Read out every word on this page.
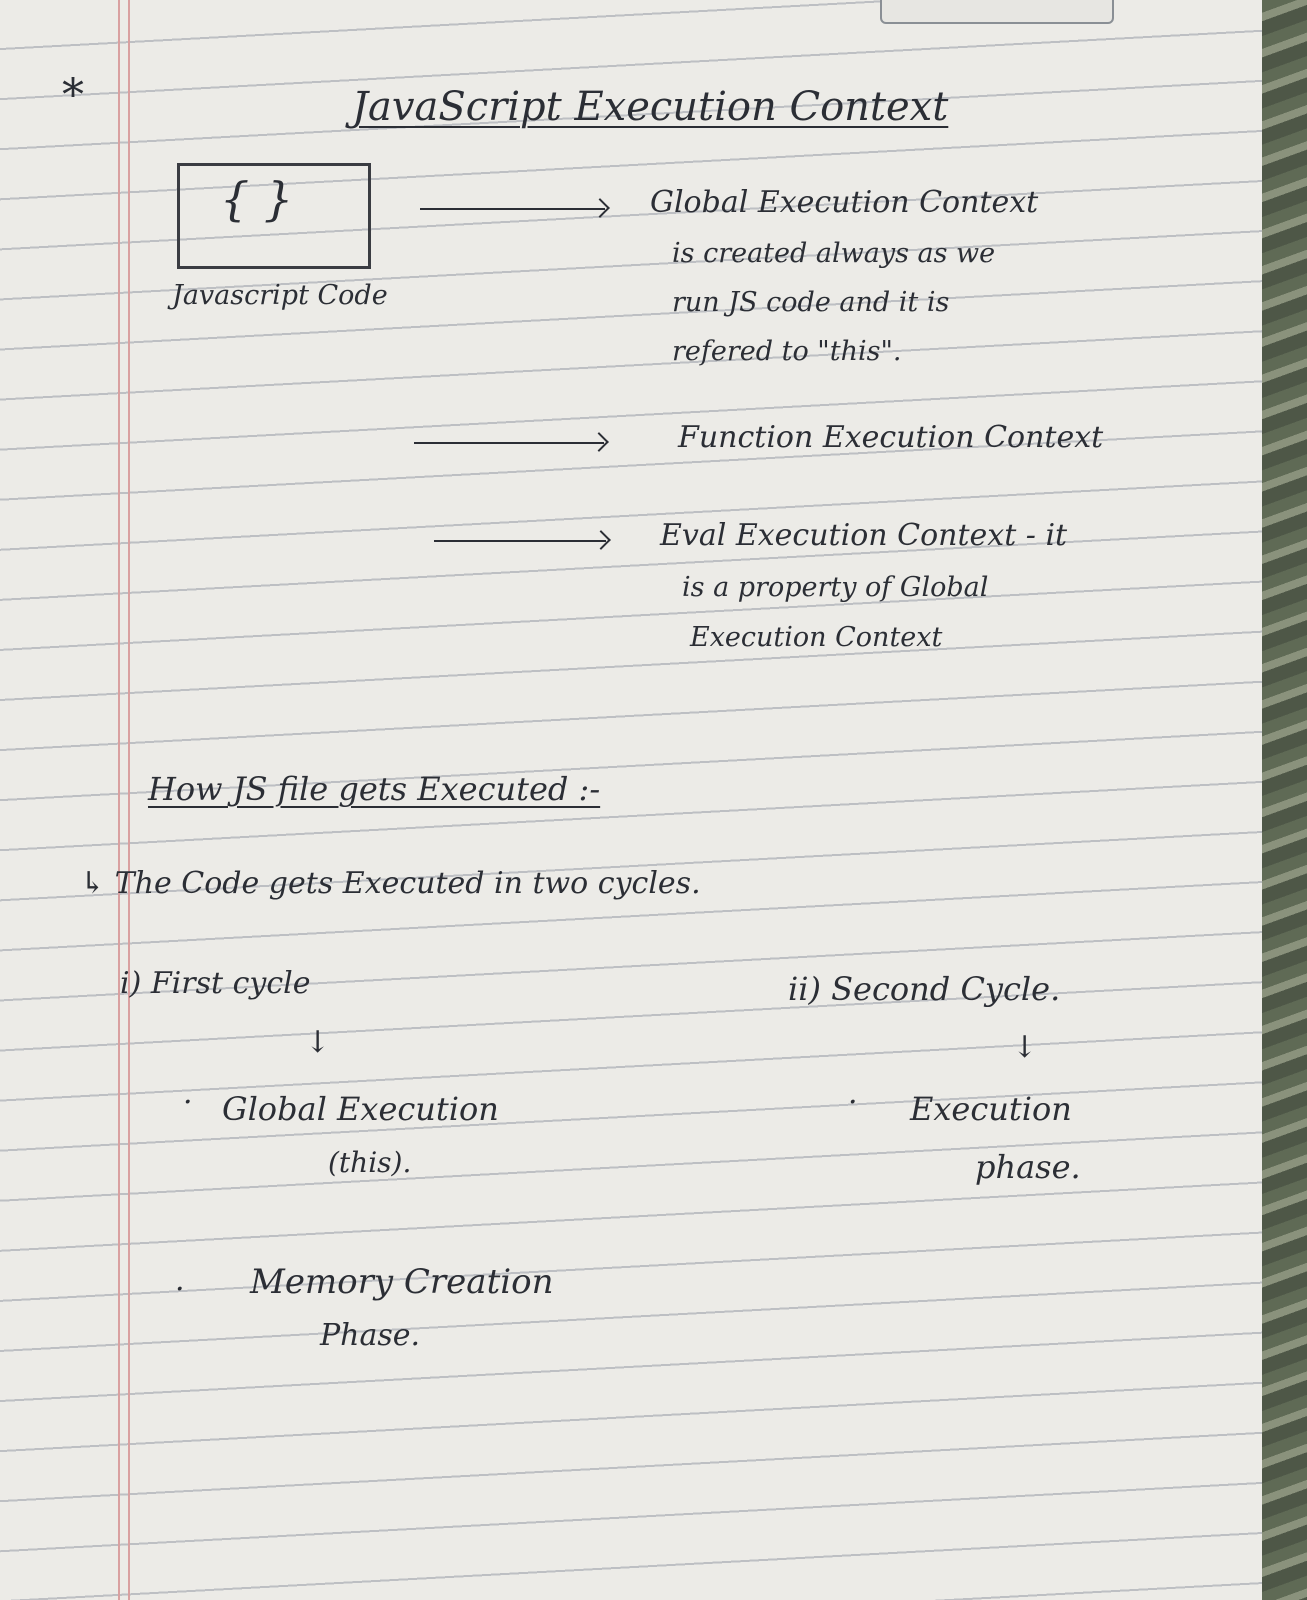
*	JavaScript Execution Context
{ }
Javascript Code
Global Execution Context
is created always as we
run JS code and it is
refered to "this".
Function Execution Context
Eval Execution Context - it
is a property of Global
Execution Context
How JS file gets Executed :-
↳ The Code gets Executed in two cycles.
i) First cycle
↓
· Global Execution
(this).
· Memory Creation
Phase.
ii) Second Cycle.
↓
· Execution
phase.
